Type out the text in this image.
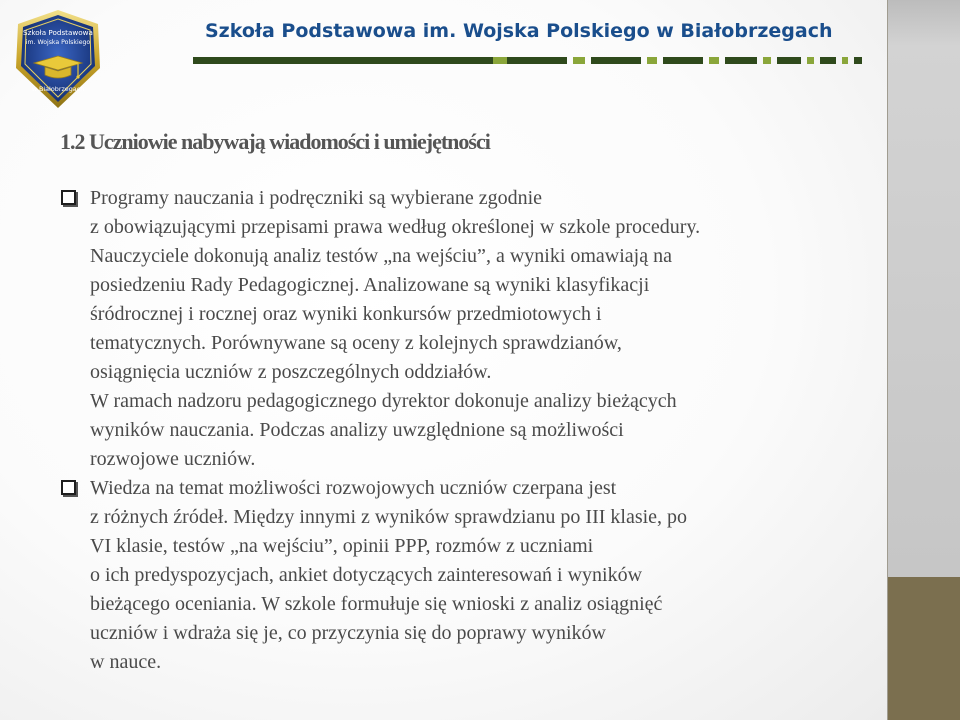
Szkoła Podstawowa
im. Wojska Polskiego
w Białobrzegach
Szkoła Podstawowa im. Wojska Polskiego w Białobrzegach
1.2 Uczniowie nabywają wiadomości i umiejętności
Programy nauczania i podręczniki są wybierane zgodnie
z obowiązującymi przepisami prawa według określonej w szkole procedury.
Nauczyciele dokonują analiz testów „na wejściu”, a wyniki omawiają na
posiedzeniu Rady Pedagogicznej. Analizowane są wyniki klasyfikacji
śródrocznej i rocznej oraz wyniki konkursów przedmiotowych i
tematycznych. Porównywane są oceny z kolejnych sprawdzianów,
osiągnięcia uczniów z poszczególnych oddziałów.
W ramach nadzoru pedagogicznego dyrektor dokonuje analizy bieżących
wyników nauczania. Podczas analizy uwzględnione są możliwości
rozwojowe uczniów.
Wiedza na temat możliwości rozwojowych uczniów czerpana jest
z różnych źródeł. Między innymi z wyników sprawdzianu po III klasie, po
VI klasie, testów „na wejściu”, opinii PPP, rozmów z uczniami
o ich predyspozycjach, ankiet dotyczących zainteresowań i wyników
bieżącego oceniania. W szkole formułuje się wnioski z analiz osiągnięć
uczniów i wdraża się je, co przyczynia się do poprawy wyników
w nauce.
